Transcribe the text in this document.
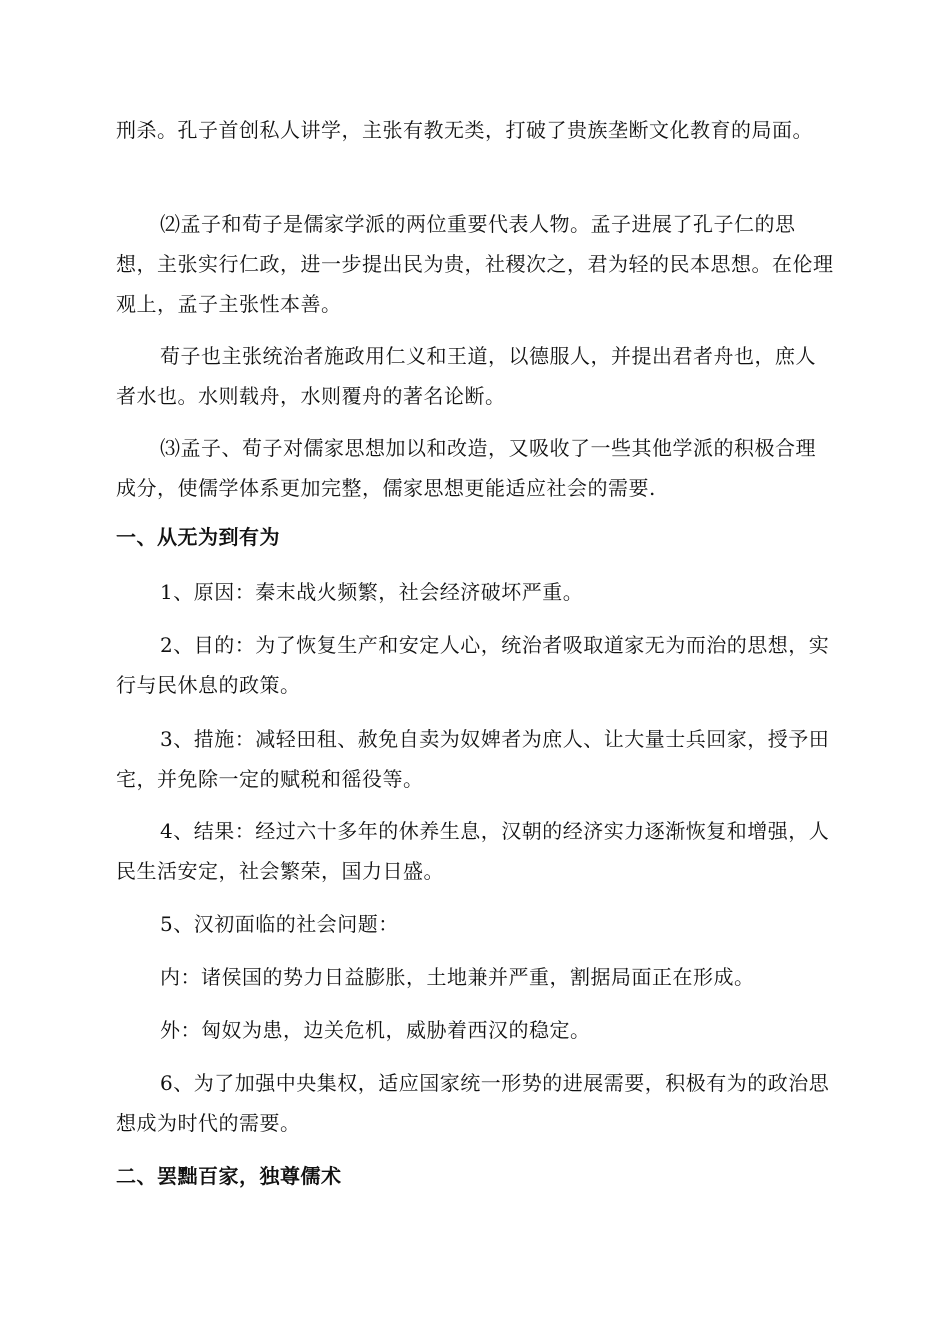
刑杀。孔子首创私人讲学，主张有教无类，打破了贵族垄断文化教育的局面。

⑵孟子和荀子是儒家学派的两位重要代表人物。孟子进展了孔子仁的思想，主张实行仁政，进一步提出民为贵，社稷次之，君为轻的民本思想。在伦理观上，孟子主张性本善。

荀子也主张统治者施政用仁义和王道，以德服人，并提出君者舟也，庶人者水也。水则载舟，水则覆舟的著名论断。

⑶孟子、荀子对儒家思想加以和改造，又吸收了一些其他学派的积极合理成分，使儒学体系更加完整，儒家思想更能适应社会的需要.

一、从无为到有为

1、原因：秦末战火频繁，社会经济破坏严重。

2、目的：为了恢复生产和安定人心，统治者吸取道家无为而治的思想，实行与民休息的政策。

3、措施：减轻田租、赦免自卖为奴婢者为庶人、让大量士兵回家，授予田宅，并免除一定的赋税和徭役等。

4、结果：经过六十多年的休养生息，汉朝的经济实力逐渐恢复和增强，人民生活安定，社会繁荣，国力日盛。

5、汉初面临的社会问题：

内：诸侯国的势力日益膨胀，土地兼并严重，割据局面正在形成。

外：匈奴为患，边关危机，威胁着西汉的稳定。

6、为了加强中央集权，适应国家统一形势的进展需要，积极有为的政治思想成为时代的需要。

二、罢黜百家，独尊儒术
